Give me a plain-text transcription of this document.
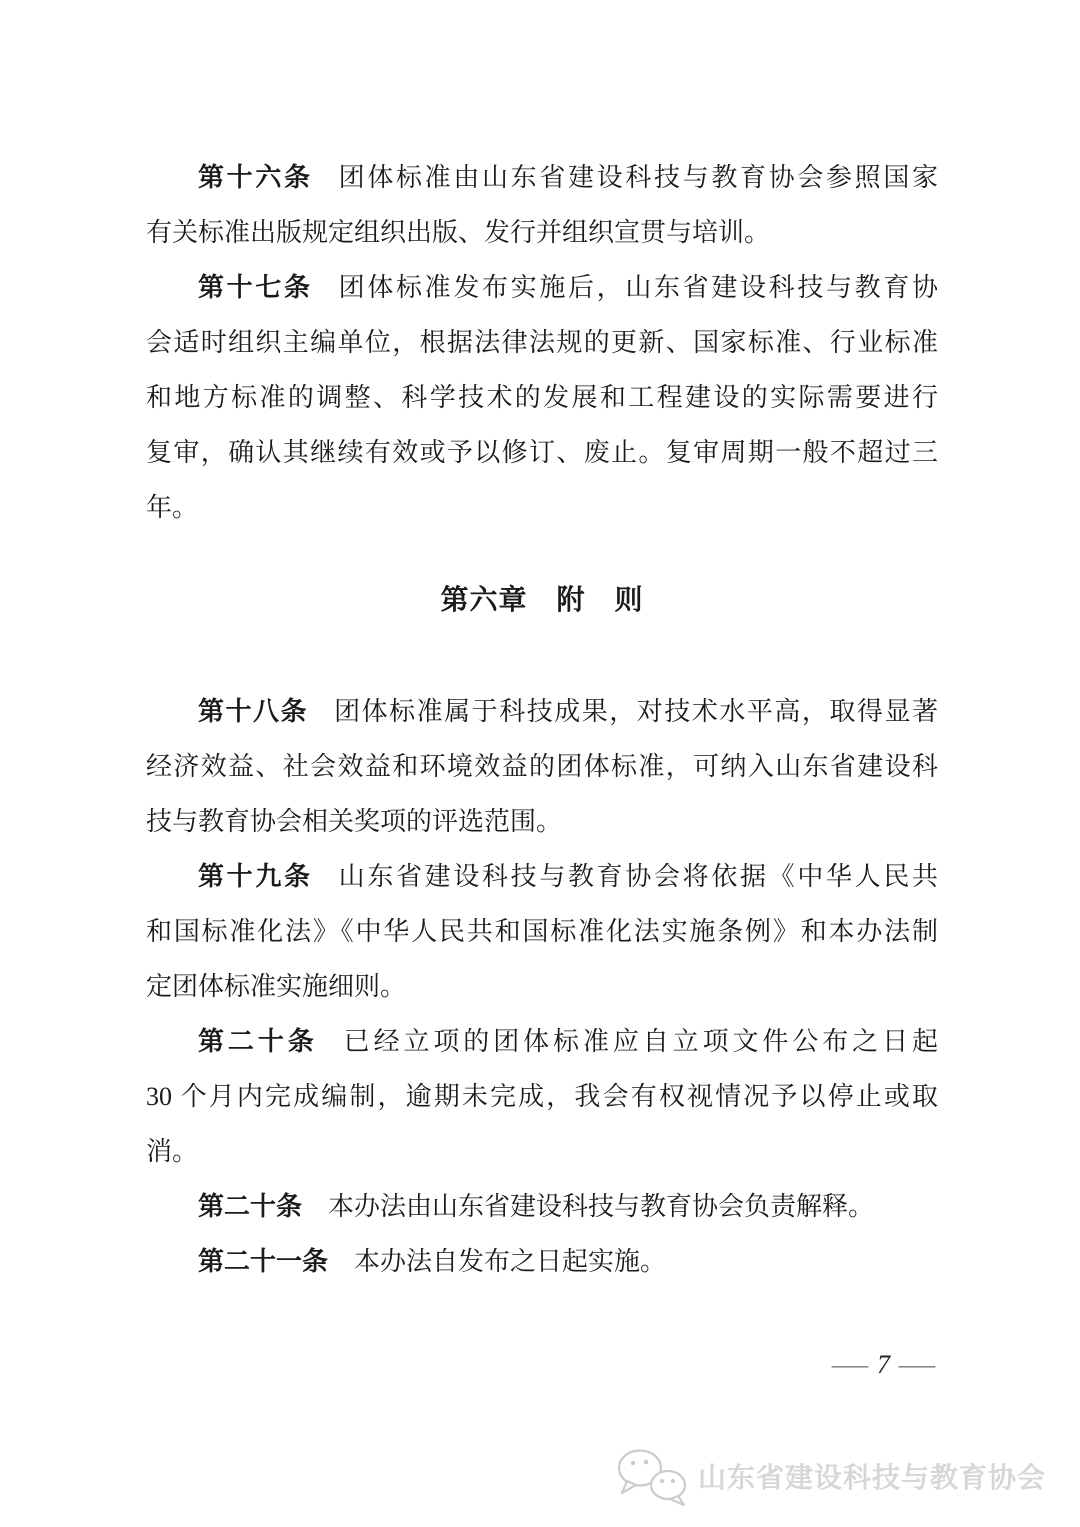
第十六条 团体标准由山东省建设科技与教育协会参照国家
有关标准出版规定组织出版、发行并组织宣贯与培训。

第十七条 团体标准发布实施后，山东省建设科技与教育协
会适时组织主编单位，根据法律法规的更新、国家标准、行业标准
和地方标准的调整、科学技术的发展和工程建设的实际需要进行
复审，确认其继续有效或予以修订、废止。复审周期一般不超过三
年。

第六章　附　则

第十八条 团体标准属于科技成果，对技术水平高，取得显著
经济效益、社会效益和环境效益的团体标准，可纳入山东省建设科
技与教育协会相关奖项的评选范围。

第十九条 山东省建设科技与教育协会将依据《中华人民共
和国标准化法》《中华人民共和国标准化法实施条例》和本办法制
定团体标准实施细则。

第二十条 已经立项的团体标准应自立项文件公布之日起
30 个月内完成编制，逾期未完成，我会有权视情况予以停止或取
消。

第二十条 本办法由山东省建设科技与教育协会负责解释。

第二十一条 本办法自发布之日起实施。

— 7 —
山东省建设科技与教育协会
